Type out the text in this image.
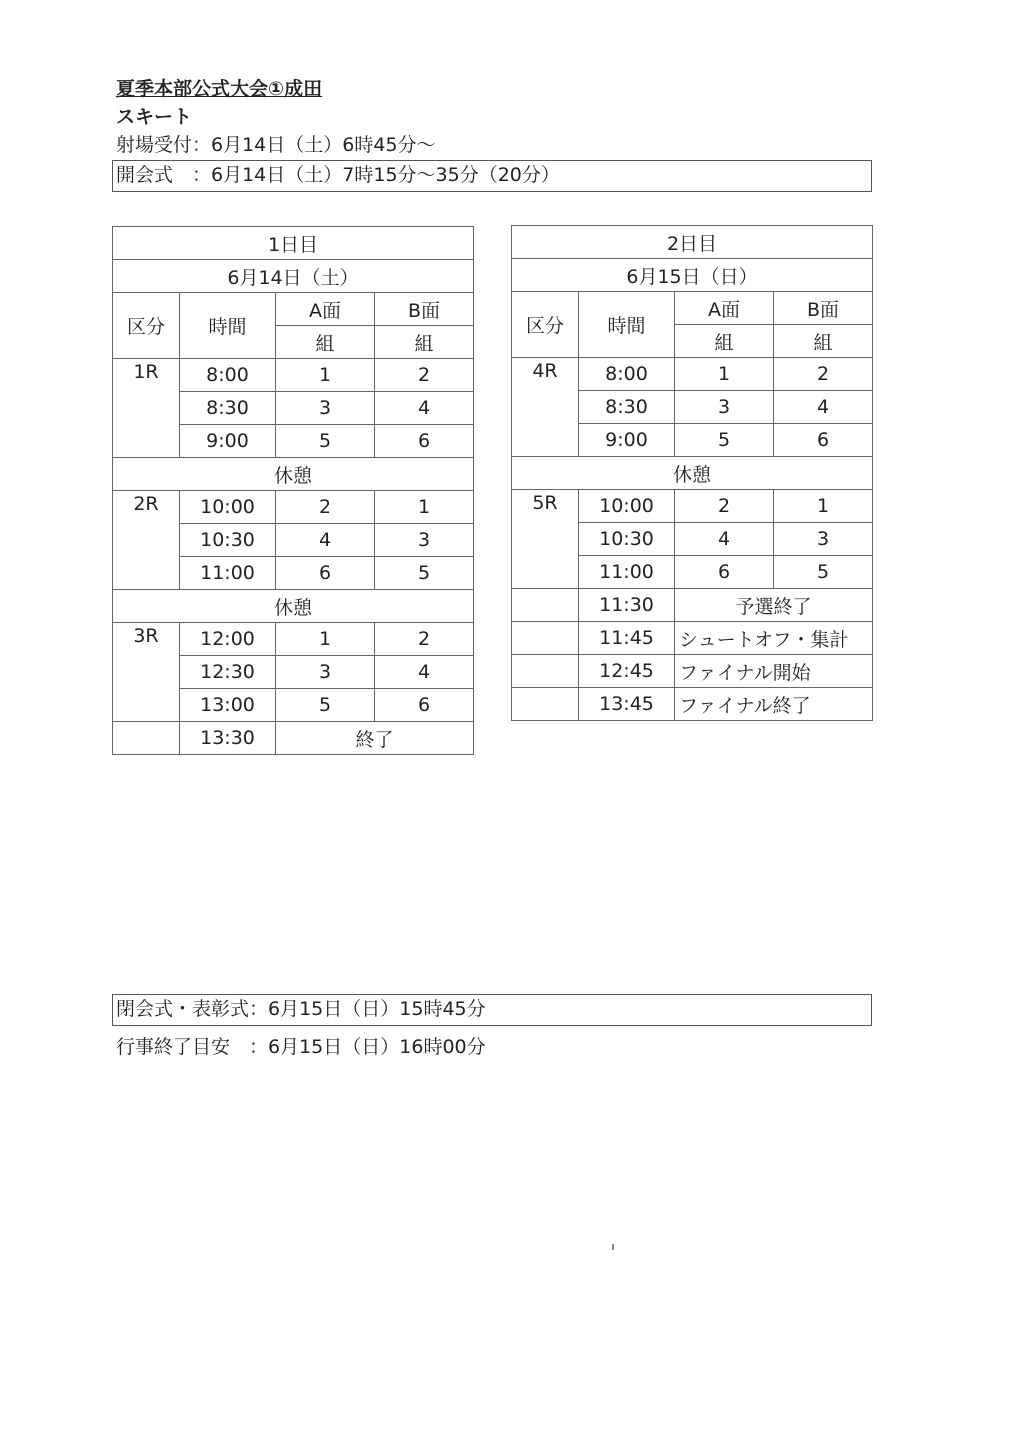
夏季本部公式大会①成田
スキート
射場受付：6月14日（土）6時45分～
開会式　：6月14日（土）7時15分～35分（20分）
1日目			
6月14日（土）			
区分	時間	A面	B面
		組	組
1R	8:00	1	2
	8:30	3	4
	9:00	5	6
休憩			
2R	10:00	2	1
	10:30	4	3
	11:00	6	5
休憩			
3R	12:00	1	2
	12:30	3	4
	13:00	5	6
	13:30	終了	
2日目			
6月15日（日）			
区分	時間	A面	B面
		組	組
4R	8:00	1	2
	8:30	3	4
	9:00	5	6
休憩			
5R	10:00	2	1
	10:30	4	3
	11:00	6	5
	11:30	予選終了	
	11:45	シュートオフ・集計	
	12:45	ファイナル開始	
	13:45	ファイナル終了	
閉会式・表彰式：6月15日（日）15時45分
行事終了目安　：6月15日（日）16時00分
